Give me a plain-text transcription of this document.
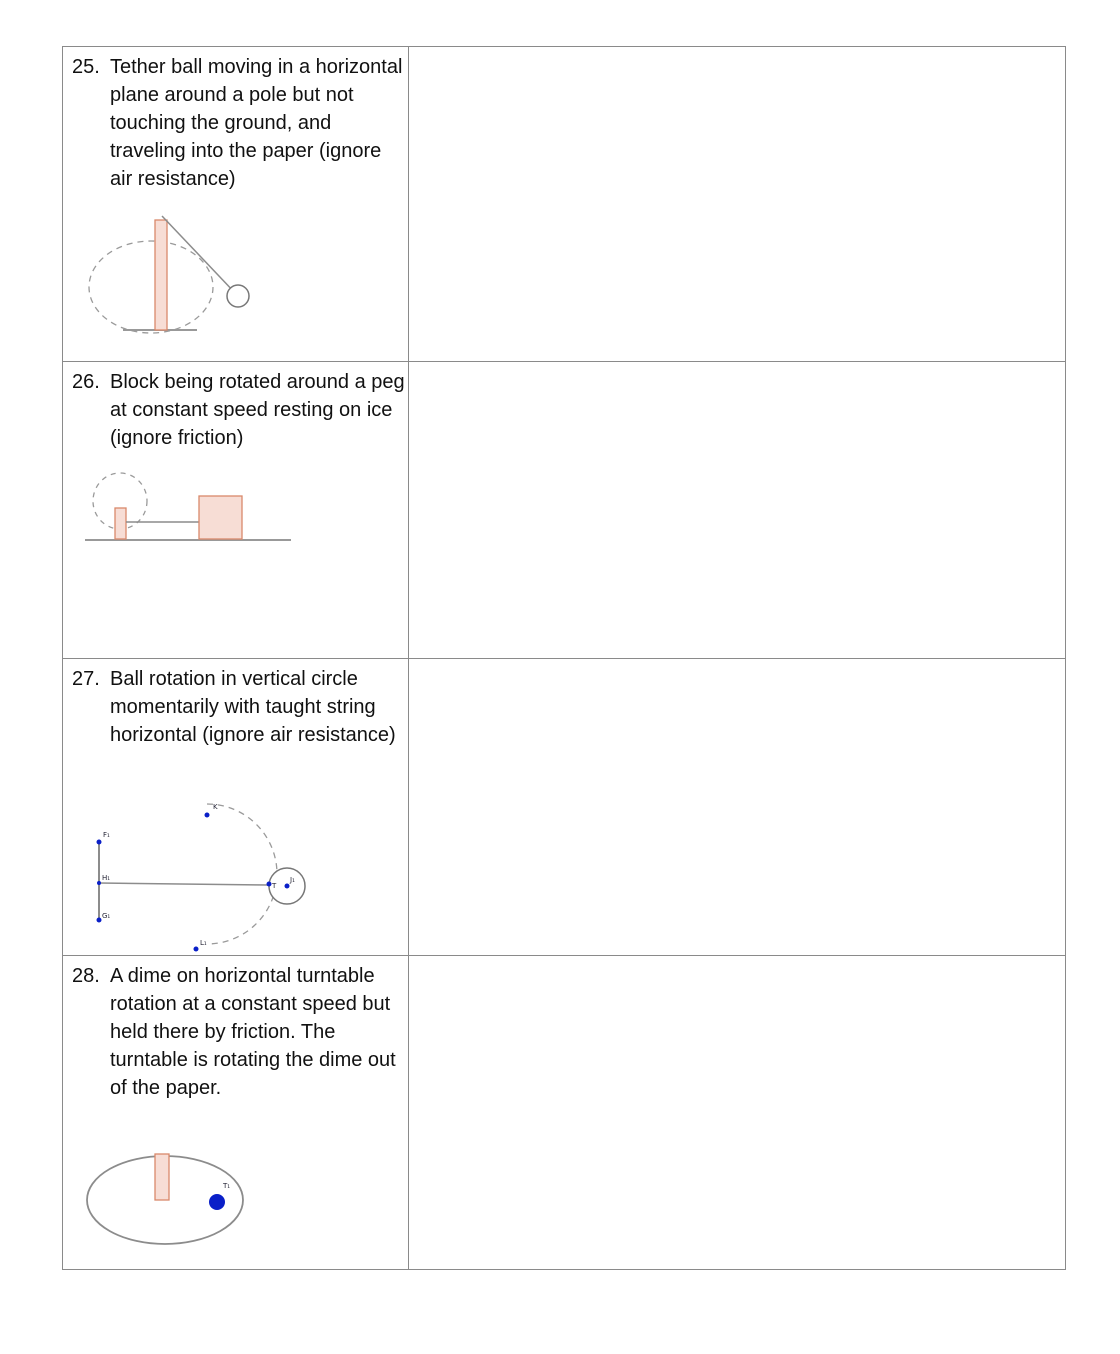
25. Tether ball moving in a horizontal plane around a pole but not touching the ground, and traveling into the paper (ignore air resistance)
26. Block being rotated around a peg at constant speed resting on ice (ignore friction)
27. Ball rotation in vertical circle momentarily with taught string horizontal (ignore air resistance)
F₁
H₁
G₁
T
J₁
K
L₁
28. A dime on horizontal turntable rotation at a constant speed but held there by friction. The turntable is rotating the dime out of the paper.
T₁
